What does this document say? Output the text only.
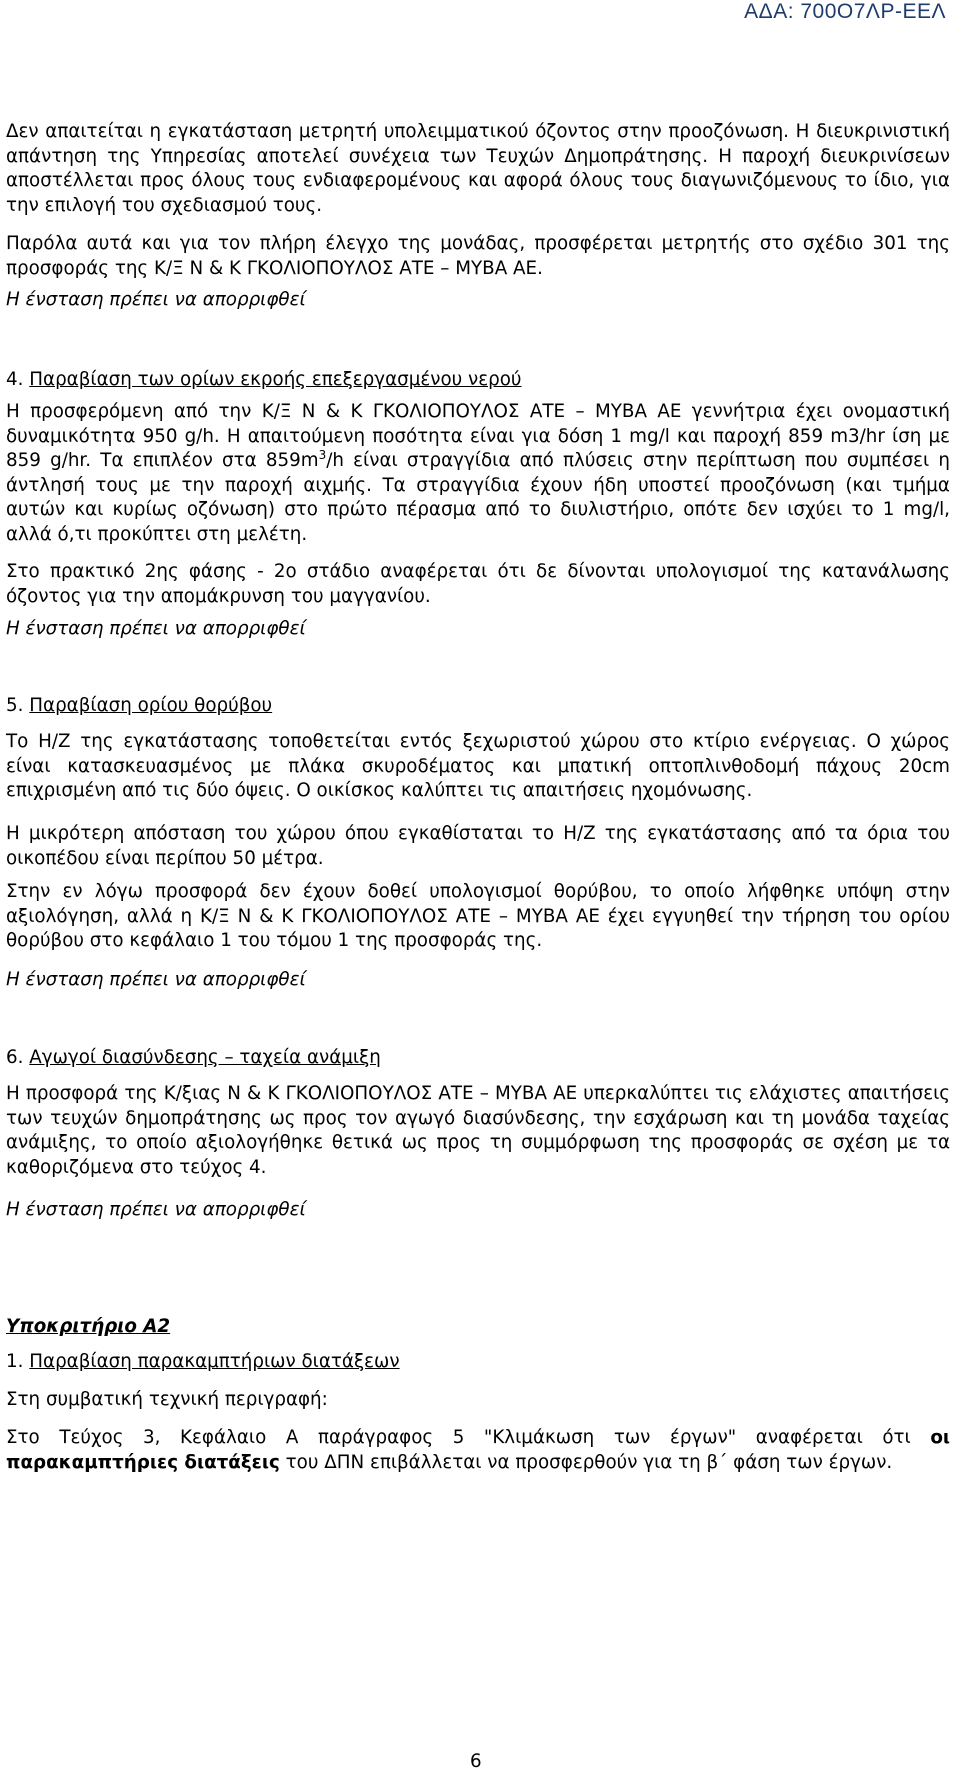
ΑΔΑ: 700Ο7ΛΡ-ΕΕΛ
Δεν απαιτείται η εγκατάσταση μετρητή υπολειμματικού όζοντος στην προοζόνωση. Η διευκρινιστική απάντηση της Υπηρεσίας αποτελεί συνέχεια των Τευχών Δημοπράτησης. Η παροχή διευκρινίσεων αποστέλλεται προς όλους τους ενδιαφερομένους και αφορά όλους τους διαγωνιζόμενους το ίδιο, για την επιλογή του σχεδιασμού τους.
Παρόλα αυτά και για τον πλήρη έλεγχο της μονάδας, προσφέρεται μετρητής στο σχέδιο 301 της προσφοράς της Κ/Ξ Ν & Κ ΓΚΟΛΙΟΠΟΥΛΟΣ ΑΤΕ – ΜΥΒΑ ΑΕ.
Η ένσταση πρέπει να απορριφθεί
4. Παραβίαση των ορίων εκροής επεξεργασμένου νερού
Η προσφερόμενη από την Κ/Ξ Ν & Κ ΓΚΟΛΙΟΠΟΥΛΟΣ ΑΤΕ – ΜΥΒΑ ΑΕ γεννήτρια έχει ονομαστική δυναμικότητα 950 g/h. Η απαιτούμενη ποσότητα είναι για δόση 1 mg/l και παροχή 859 m3/hr ίση με 859 g/hr. Τα επιπλέον στα $859m^3/h$ είναι στραγγίδια από πλύσεις στην περίπτωση που συμπέσει η άντλησή τους με την παροχή αιχμής. Τα στραγγίδια έχουν ήδη υποστεί προοζόνωση (και τμήμα αυτών και κυρίως οζόνωση) στο πρώτο πέρασμα από το διυλιστήριο, οπότε δεν ισχύει το 1 mg/l, αλλά ό,τι προκύπτει στη μελέτη.
Στο πρακτικό 2ης φάσης - 2ο στάδιο αναφέρεται ότι δε δίνονται υπολογισμοί της κατανάλωσης όζοντος για την απομάκρυνση του μαγγανίου.
Η ένσταση πρέπει να απορριφθεί
5. Παραβίαση ορίου θορύβου
Το Η/Ζ της εγκατάστασης τοποθετείται εντός ξεχωριστού χώρου στο κτίριο ενέργειας. Ο χώρος είναι κατασκευασμένος με πλάκα σκυροδέματος και μπατική οπτοπλινθοδομή πάχους 20cm επιχρισμένη από τις δύο όψεις. Ο οικίσκος καλύπτει τις απαιτήσεις ηχομόνωσης.
Η μικρότερη απόσταση του χώρου όπου εγκαθίσταται το Η/Ζ της εγκατάστασης από τα όρια του οικοπέδου είναι περίπου 50 μέτρα.
Στην εν λόγω προσφορά δεν έχουν δοθεί υπολογισμοί θορύβου, το οποίο λήφθηκε υπόψη στην αξιολόγηση, αλλά η Κ/Ξ Ν & Κ ΓΚΟΛΙΟΠΟΥΛΟΣ ΑΤΕ – ΜΥΒΑ ΑΕ έχει εγγυηθεί την τήρηση του ορίου θορύβου στο κεφάλαιο 1 του τόμου 1 της προσφοράς της.
Η ένσταση πρέπει να απορριφθεί
6. Αγωγοί διασύνδεσης – ταχεία ανάμιξη
Η προσφορά της Κ/ξιας Ν & Κ ΓΚΟΛΙΟΠΟΥΛΟΣ ΑΤΕ – ΜΥΒΑ ΑΕ υπερκαλύπτει τις ελάχιστες απαιτήσεις των τευχών δημοπράτησης ως προς τον αγωγό διασύνδεσης, την εσχάρωση και τη μονάδα ταχείας ανάμιξης, το οποίο αξιολογήθηκε θετικά ως προς τη συμμόρφωση της προσφοράς σε σχέση με τα καθοριζόμενα στο τεύχος 4.
Η ένσταση πρέπει να απορριφθεί
Υποκριτήριο Α2
1. Παραβίαση παρακαμπτήριων διατάξεων
Στη συμβατική τεχνική περιγραφή:
Στο Τεύχος 3, Κεφάλαιο Α παράγραφος 5 "Κλιμάκωση των έργων" αναφέρεται ότι οι παρακαμπτήριες διατάξεις του ΔΠΝ επιβάλλεται να προσφερθούν για τη β΄ φάση των έργων.
6
